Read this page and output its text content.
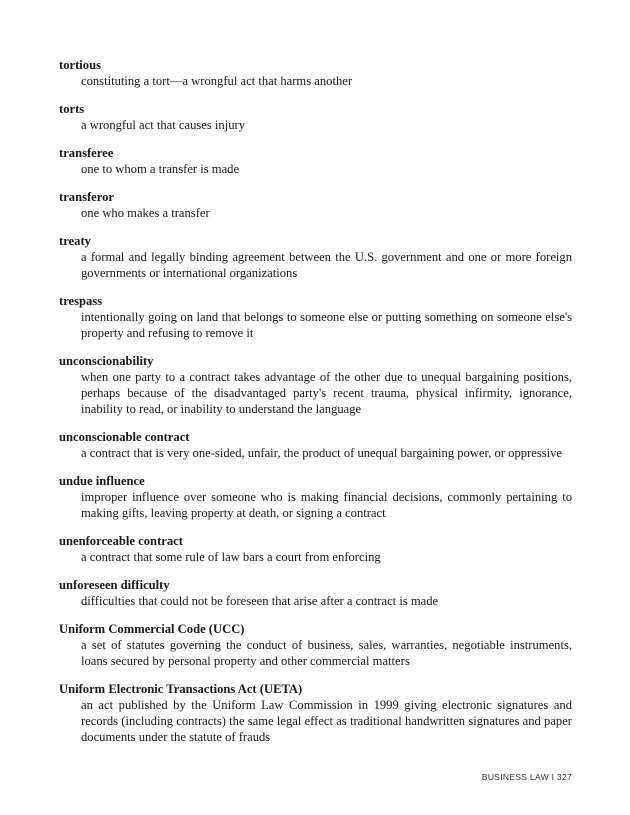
tortious

constituting a tort—a wrongful act that harms another

torts

a wrongful act that causes injury

transferee

one to whom a transfer is made

transferor

one who makes a transfer

treaty

a formal and legally binding agreement between the U.S. government and one or more foreign governments or international organizations

trespass

intentionally going on land that belongs to someone else or putting something on someone else's property and refusing to remove it

unconscionability

when one party to a contract takes advantage of the other due to unequal bargaining positions, perhaps because of the disadvantaged party's recent trauma, physical infirmity, ignorance, inability to read, or inability to understand the language

unconscionable contract

a contract that is very one-sided, unfair, the product of unequal bargaining power, or oppressive

undue influence

improper influence over someone who is making financial decisions, commonly pertaining to making gifts, leaving property at death, or signing a contract

unenforceable contract

a contract that some rule of law bars a court from enforcing

unforeseen difficulty

difficulties that could not be foreseen that arise after a contract is made

Uniform Commercial Code (UCC)

a set of statutes governing the conduct of business, sales, warranties, negotiable instruments, loans secured by personal property and other commercial matters

Uniform Electronic Transactions Act (UETA)

an act published by the Uniform Law Commission in 1999 giving electronic signatures and records (including contracts) the same legal effect as traditional handwritten signatures and paper documents under the statute of frauds

BUSINESS LAW I 327
